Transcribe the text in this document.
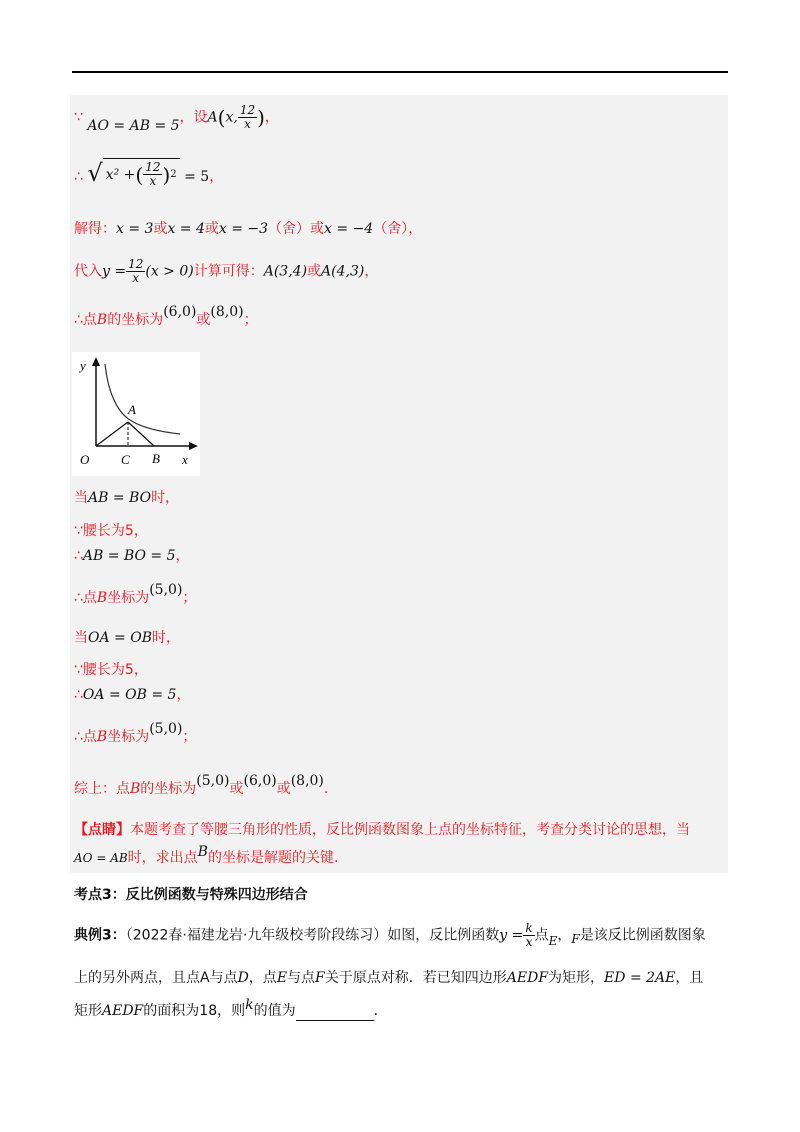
∵ AO = AB = 5，设A(x, $\frac{12}{x}$ )，
∴ √ x² + ( $\frac{12}{x}$ ) 2 = 5，
解得：x = 3或x = 4或x = −3（舍）或x = −4（舍），
代入$y = \frac{12}{x} (x > 0)$计算可得：A(3,4)或A(4,3)，
∴点B的坐标为(6,0)或(8,0)；
y
A
O C B x
当AB = BO时，
∵腰长为5，
∴AB = BO = 5，
∴点B坐标为(5,0)；
当OA = OB时，
∵腰长为5，
∴OA = OB = 5，
∴点B坐标为(5,0)；
综上：点B的坐标为(5,0)或(6,0)或(8,0).
【点睛】本题考查了等腰三角形的性质，反比例函数图象上点的坐标特征，考查分类讨论的思想，当
AO = AB时，求出点B的坐标是解题的关键.
考点3：反比例函数与特殊四边形结合
典例3：（2022春·福建龙岩·九年级校考阶段练习）如图，反比例函数$y = \frac{k}{x}$ 点E，F是该反比例函数图象
上的另外两点，且点A与点D，点E与点F关于原点对称．若已知四边形AEDF为矩形，ED = 2AE，且
矩形AEDF的面积为18，则k的值为	.
